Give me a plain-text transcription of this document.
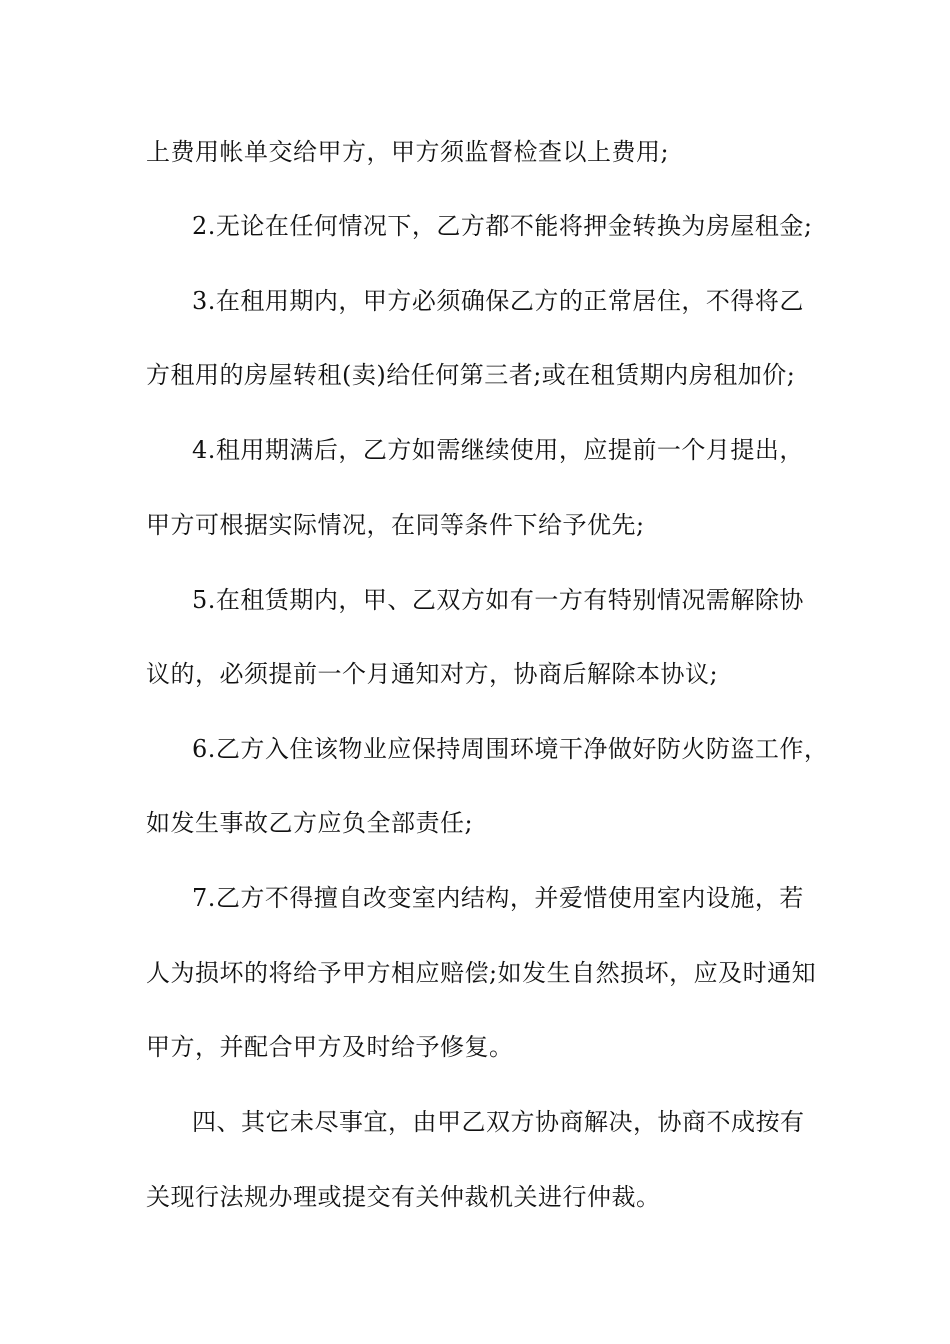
上费用帐单交给甲方，甲方须监督检查以上费用;
2.无论在任何情况下，乙方都不能将押金转换为房屋租金;
3.在租用期内，甲方必须确保乙方的正常居住，不得将乙
方租用的房屋转租(卖)给任何第三者;或在租赁期内房租加价;
4.租用期满后，乙方如需继续使用，应提前一个月提出，
甲方可根据实际情况，在同等条件下给予优先;
5.在租赁期内，甲、乙双方如有一方有特别情况需解除协
议的，必须提前一个月通知对方，协商后解除本协议;
6.乙方入住该物业应保持周围环境干净做好防火防盗工作，
如发生事故乙方应负全部责任;
7.乙方不得擅自改变室内结构，并爱惜使用室内设施，若
人为损坏的将给予甲方相应赔偿;如发生自然损坏，应及时通知
甲方，并配合甲方及时给予修复。
四、其它未尽事宜，由甲乙双方协商解决，协商不成按有
关现行法规办理或提交有关仲裁机关进行仲裁。
